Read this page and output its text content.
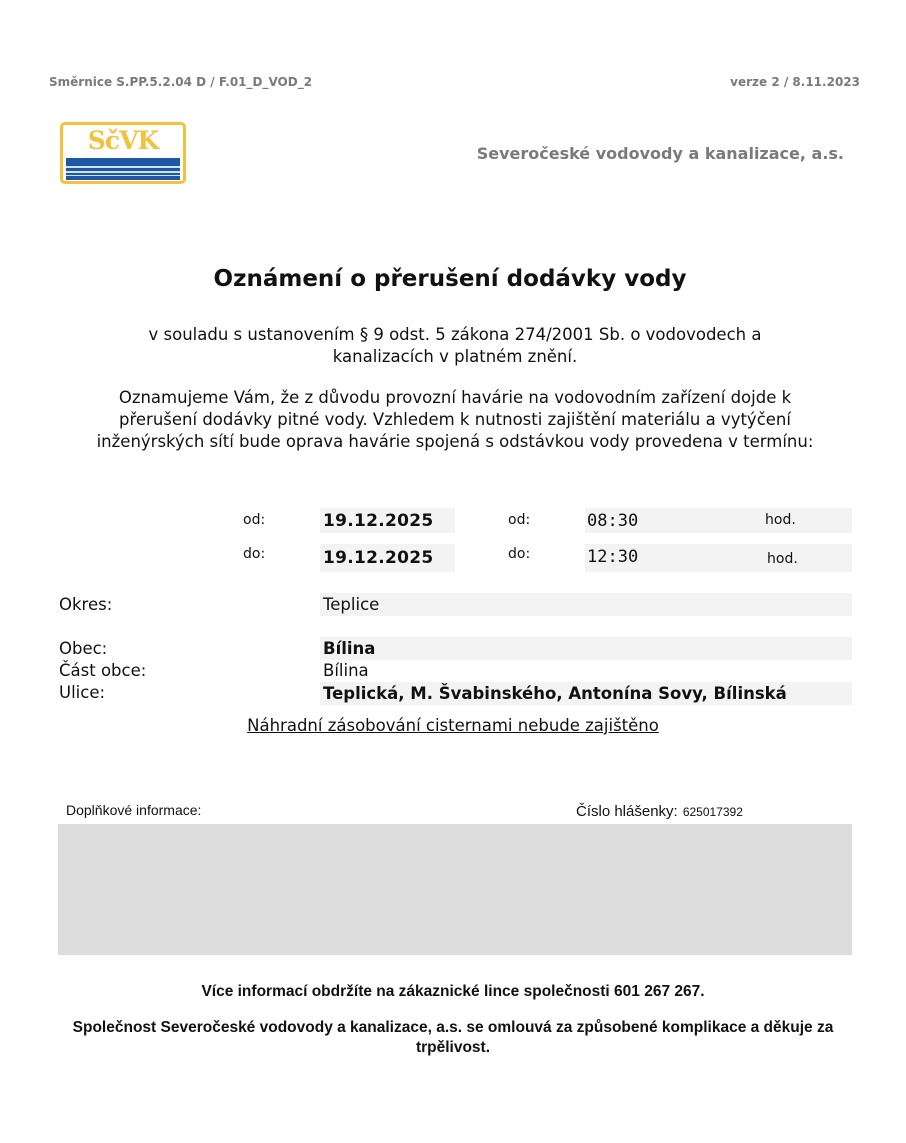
Směrnice S.PP.5.2.04 D / F.01_D_VOD_2	verze 2 / 8.11.2023
SčVK	Severočeské vodovody a kanalizace, a.s.
Oznámení o přerušení dodávky vody
v souladu s ustanovením § 9 odst. 5 zákona 274/2001 Sb. o vodovodech a kanalizacích v platném znění.
Oznamujeme Vám, že z důvodu provozní havárie na vodovodním zařízení dojde k přerušení dodávky pitné vody. Vzhledem k nutnosti zajištění materiálu a vytýčení inženýrských sítí bude oprava havárie spojená s odstávkou vody provedena v termínu:
od:	19.12.2025	od:	08:30	hod.
do:	19.12.2025	do:	12:30	hod.
Okres:	Teplice
Obec:	Bílina
Část obce:	Bílina
Ulice:	Teplická, M. Švabinského, Antonína Sovy, Bílinská
Náhradní zásobování cisternami nebude zajištěno
Doplňkové informace:	Číslo hlášenky: 625017392
Více informací obdržíte na zákaznické lince společnosti 601 267 267.
Společnost Severočeské vodovody a kanalizace, a.s. se omlouvá za způsobené komplikace a děkuje za trpělivost.
